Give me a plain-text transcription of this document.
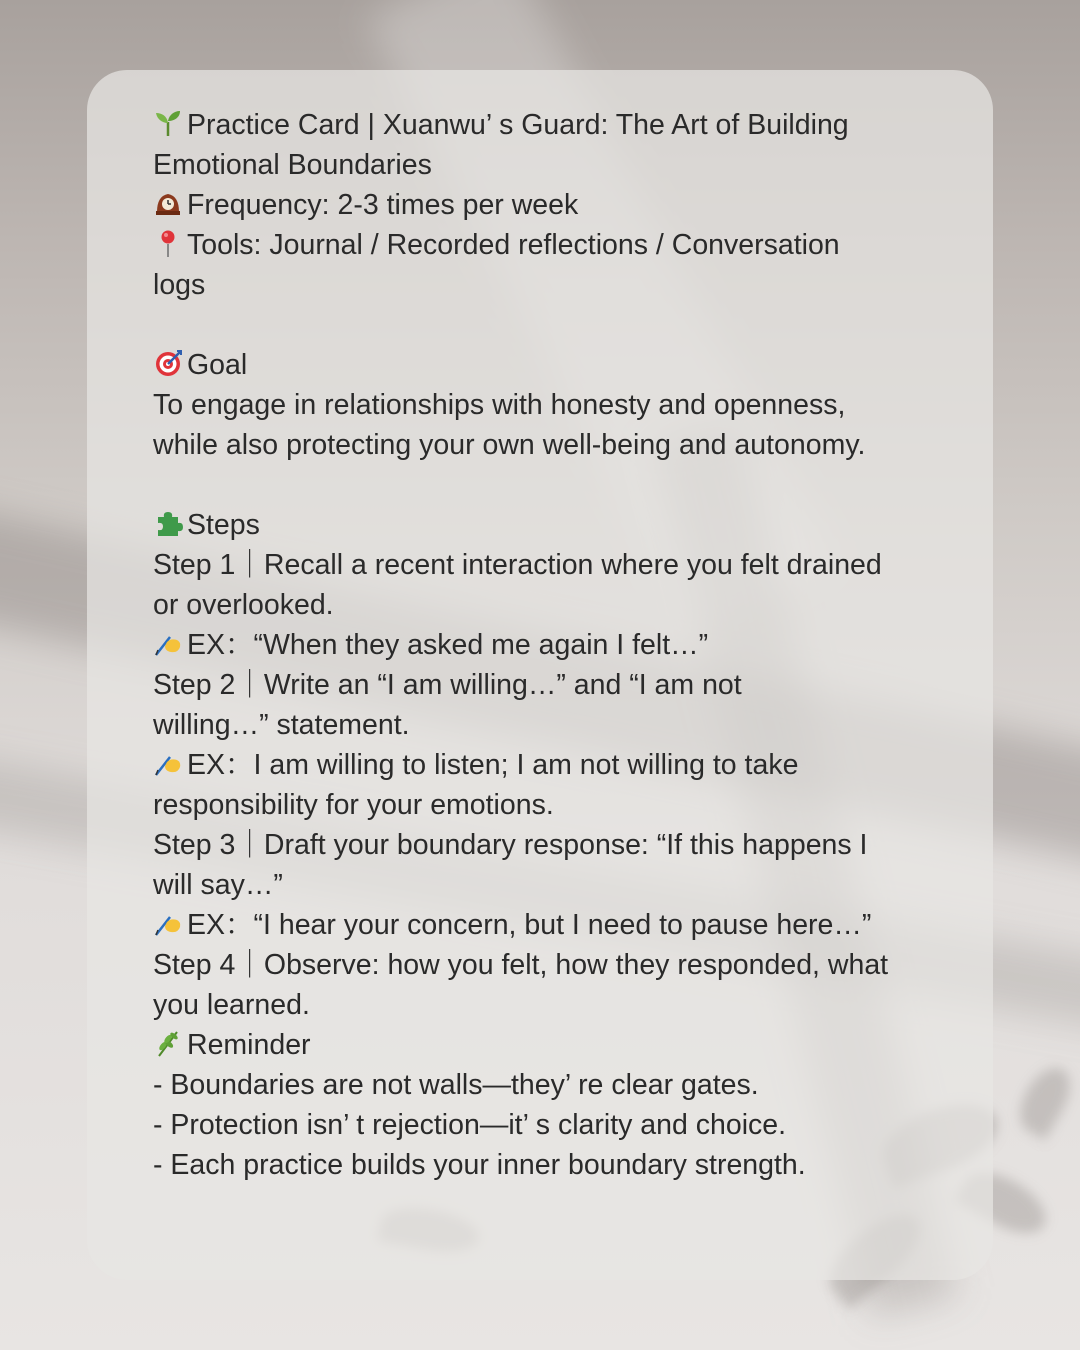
Practice Card | Xuanwu’ s Guard: The Art of Building
Emotional Boundaries
Frequency: 2-3 times per week
Tools: Journal / Recorded reflections / Conversation
logs
Goal
To engage in relationships with honesty and openness,
while also protecting your own well-being and autonomy.
Steps
Step 1｜Recall a recent interaction where you felt drained
or overlooked.
EX：“When they asked me again I felt…”
Step 2｜Write an “I am willing…” and “I am not
willing…” statement.
EX：I am willing to listen; I am not willing to take
responsibility for your emotions.
Step 3｜Draft your boundary response: “If this happens I
will say…”
EX：“I hear your concern, but I need to pause here…”
Step 4｜Observe: how you felt, how they responded, what
you learned.
Reminder
- Boundaries are not walls—they’ re clear gates.
- Protection isn’ t rejection—it’ s clarity and choice.
- Each practice builds your inner boundary strength.
